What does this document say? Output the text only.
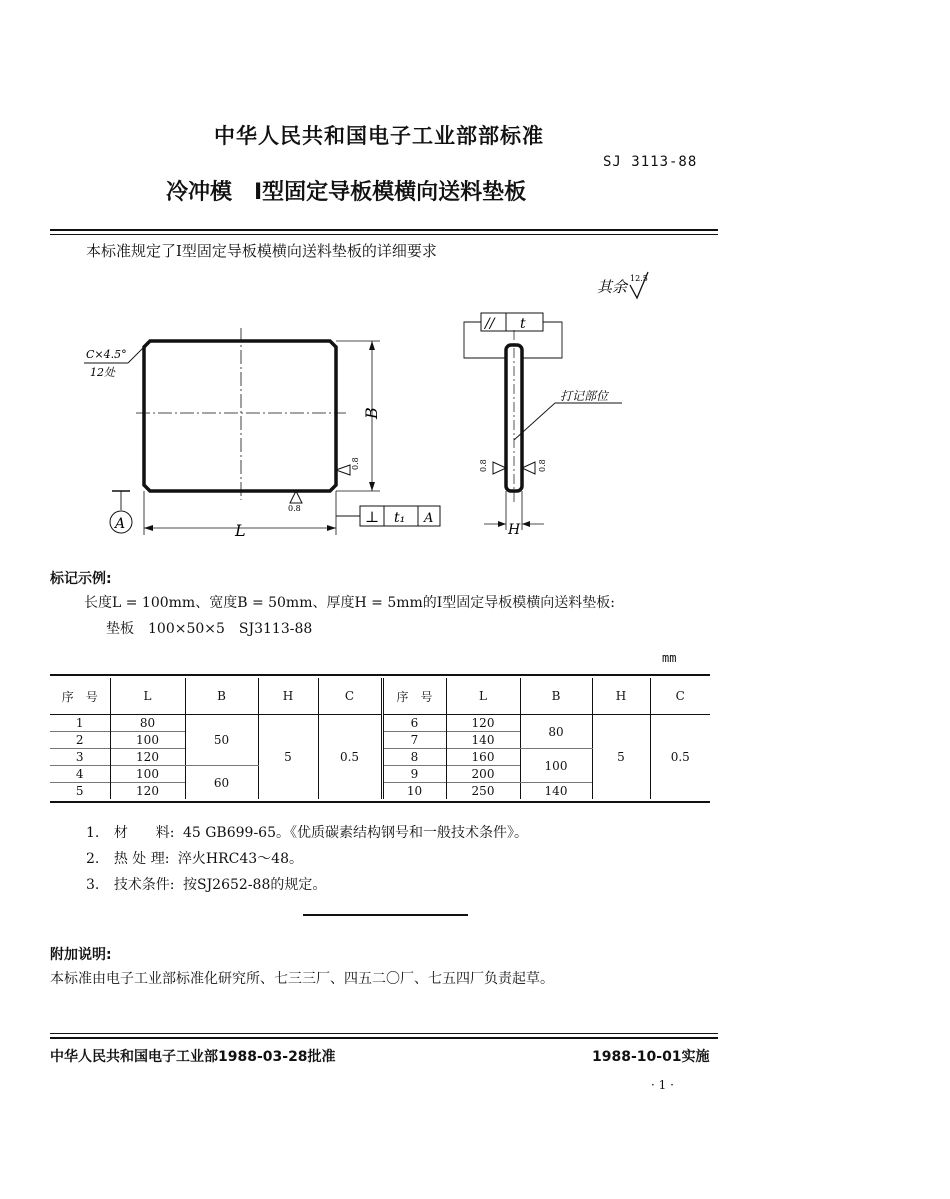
中华人民共和国电子工业部部标准
SJ 3113-88
冷冲模　Ⅰ型固定导板模横向送料垫板
本标准规定了Ⅰ型固定导板模横向送料垫板的详细要求
其余 12.5
C×4.5°
12处
B
0.8
0.8
L
A	⊥ t₁ A
// t
打记部位
0.8	0.8
H
标记示例:
长度L = 100mm、宽度B = 50mm、厚度H = 5mm的Ⅰ型固定导板模横向送料垫板:
垫板　100×50×5　SJ3113-88
mm
序　号	L	B	H	C	序　号	L	B	H	C
1	80	50	5	0.5	6	120	80	5	0.5
2	100				7	140			
3	120				8	160	100		
4	100	60			9	200			
5	120				10	250	140		
1. 材　　料: 45 GB699-65。《优质碳素结构钢号和一般技术条件》。
2. 热 处 理: 淬火HRC43～48。
3. 技术条件: 按SJ2652-88的规定。
附加说明:
本标准由电子工业部标准化研究所、七三三厂、四五二〇厂、七五四厂负责起草。
中华人民共和国电子工业部1988-03-28批准	1988-10-01实施
· 1 ·
